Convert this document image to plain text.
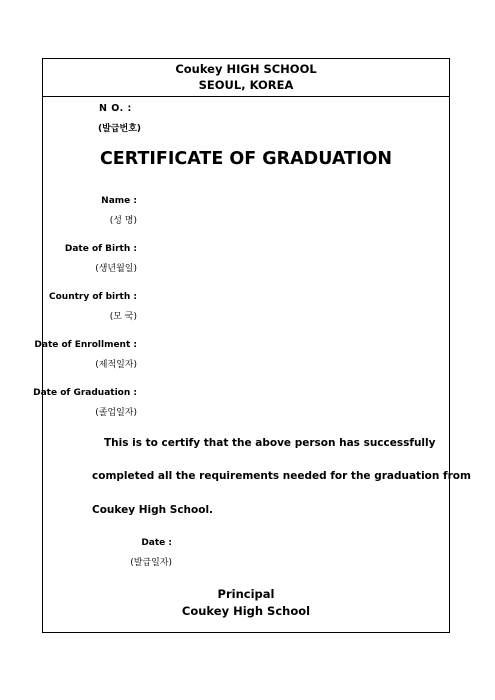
Coukey HIGH SCHOOL
SEOUL, KOREA
N O. :
(발급번호)
CERTIFICATE OF GRADUATION
Name :
(성 명)
Date of Birth :
(생년월일)
Country of birth :
(모 국)
Date of Enrollment :
(제적일자)
Date of Graduation :
(졸업일자)
This is to certify that the above person has successfully
completed all the requirements needed for the graduation from
Coukey High School.
Date :
(발급일자)
Principal
Coukey High School
